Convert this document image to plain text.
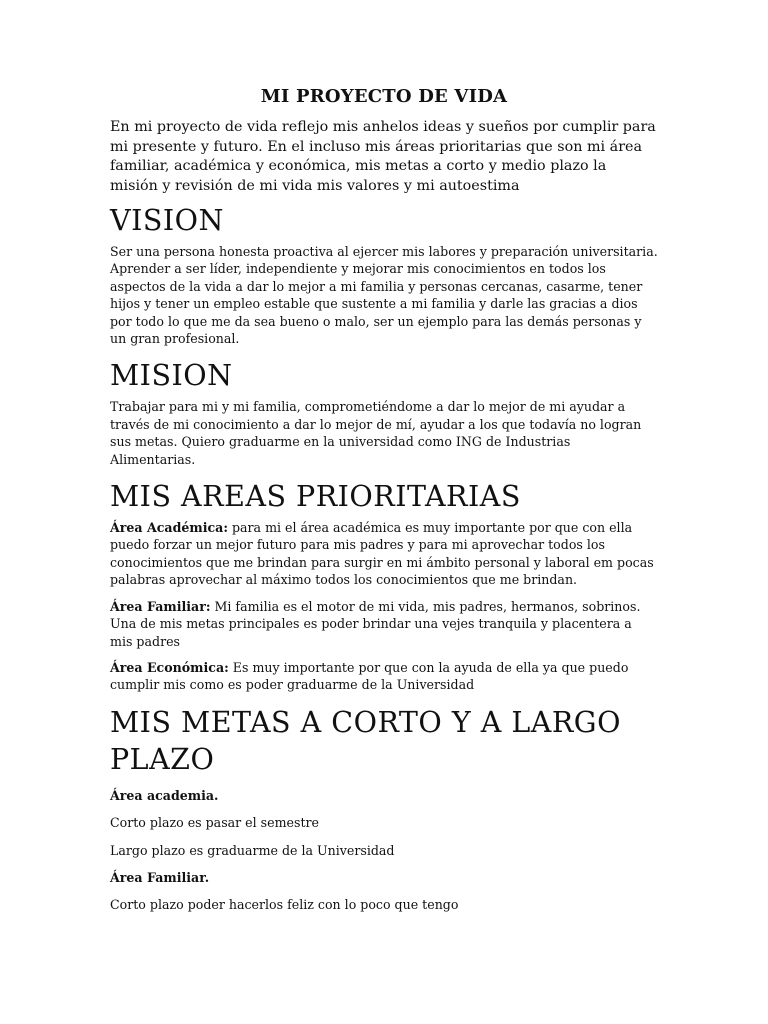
MI PROYECTO DE VIDA

En mi proyecto de vida reflejo mis anhelos ideas y sueños por cumplir para mi presente y futuro. En el incluso mis áreas prioritarias que son mi área familiar, académica y económica, mis metas a corto y medio plazo la misión y revisión de mi vida mis valores y mi autoestima

VISION

Ser una persona honesta proactiva al ejercer mis labores y preparación universitaria. Aprender a ser líder, independiente y mejorar mis conocimientos en todos los aspectos de la vida a dar lo mejor a mi familia y personas cercanas, casarme, tener hijos y tener un empleo estable que sustente a mi familia y darle las gracias a dios por todo lo que me da sea bueno o malo, ser un ejemplo para las demás personas y un gran profesional.

MISION

Trabajar para mi y mi familia, comprometiéndome a dar lo mejor de mi ayudar a través de mi conocimiento a dar lo mejor de mí, ayudar a los que todavía no logran sus metas. Quiero graduarme en la universidad como ING de Industrias Alimentarias.

MIS AREAS PRIORITARIAS

Área Académica: para mi el área académica es muy importante por que con ella puedo forzar un mejor futuro para mis padres y para mi aprovechar todos los conocimientos que me brindan para surgir en mi ámbito personal y laboral em pocas palabras aprovechar al máximo todos los conocimientos que me brindan.

Área Familiar: Mi familia es el motor de mi vida, mis padres, hermanos, sobrinos. Una de mis metas principales es poder brindar una vejes tranquila y placentera a mis padres

Área Económica: Es muy importante por que con la ayuda de ella ya que puedo cumplir mis como es poder graduarme de la Universidad

MIS METAS A CORTO Y A LARGO PLAZO

Área academia.

Corto plazo es pasar el semestre

Largo plazo es graduarme de la Universidad

Área Familiar.

Corto plazo poder hacerlos feliz con lo poco que tengo
